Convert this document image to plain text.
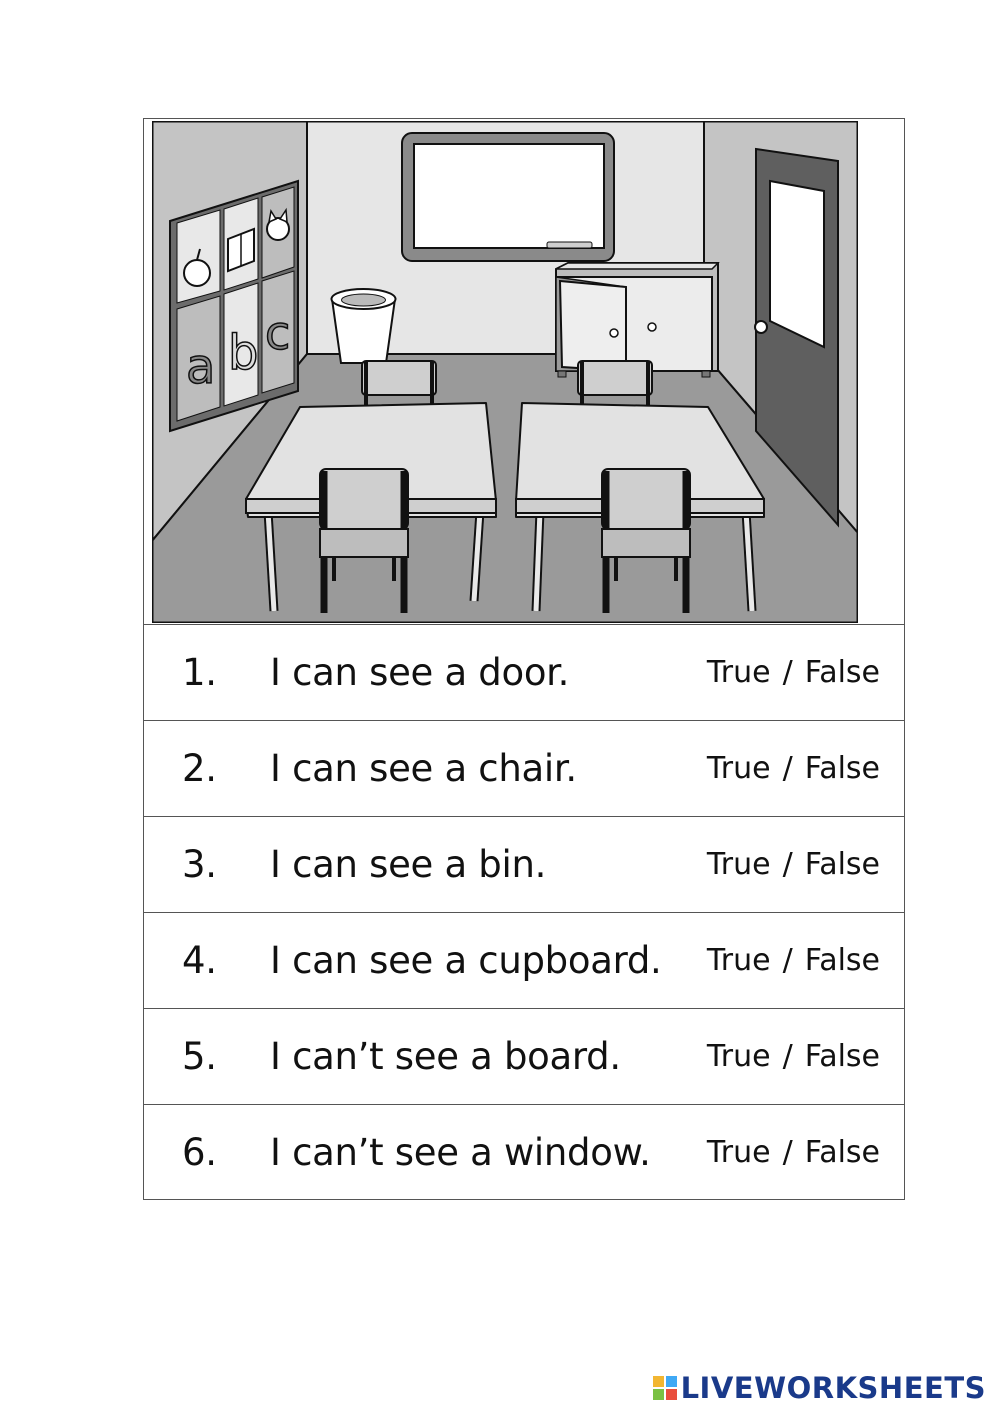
a b c
1. I can see a door.	True / False
2. I can see a chair.	True / False
3. I can see a bin.	True / False
4. I can see a cupboard. True / False
5. I can’t see a board.	True / False
6. I can’t see a window. True / False
LIVEWORKSHEETS
